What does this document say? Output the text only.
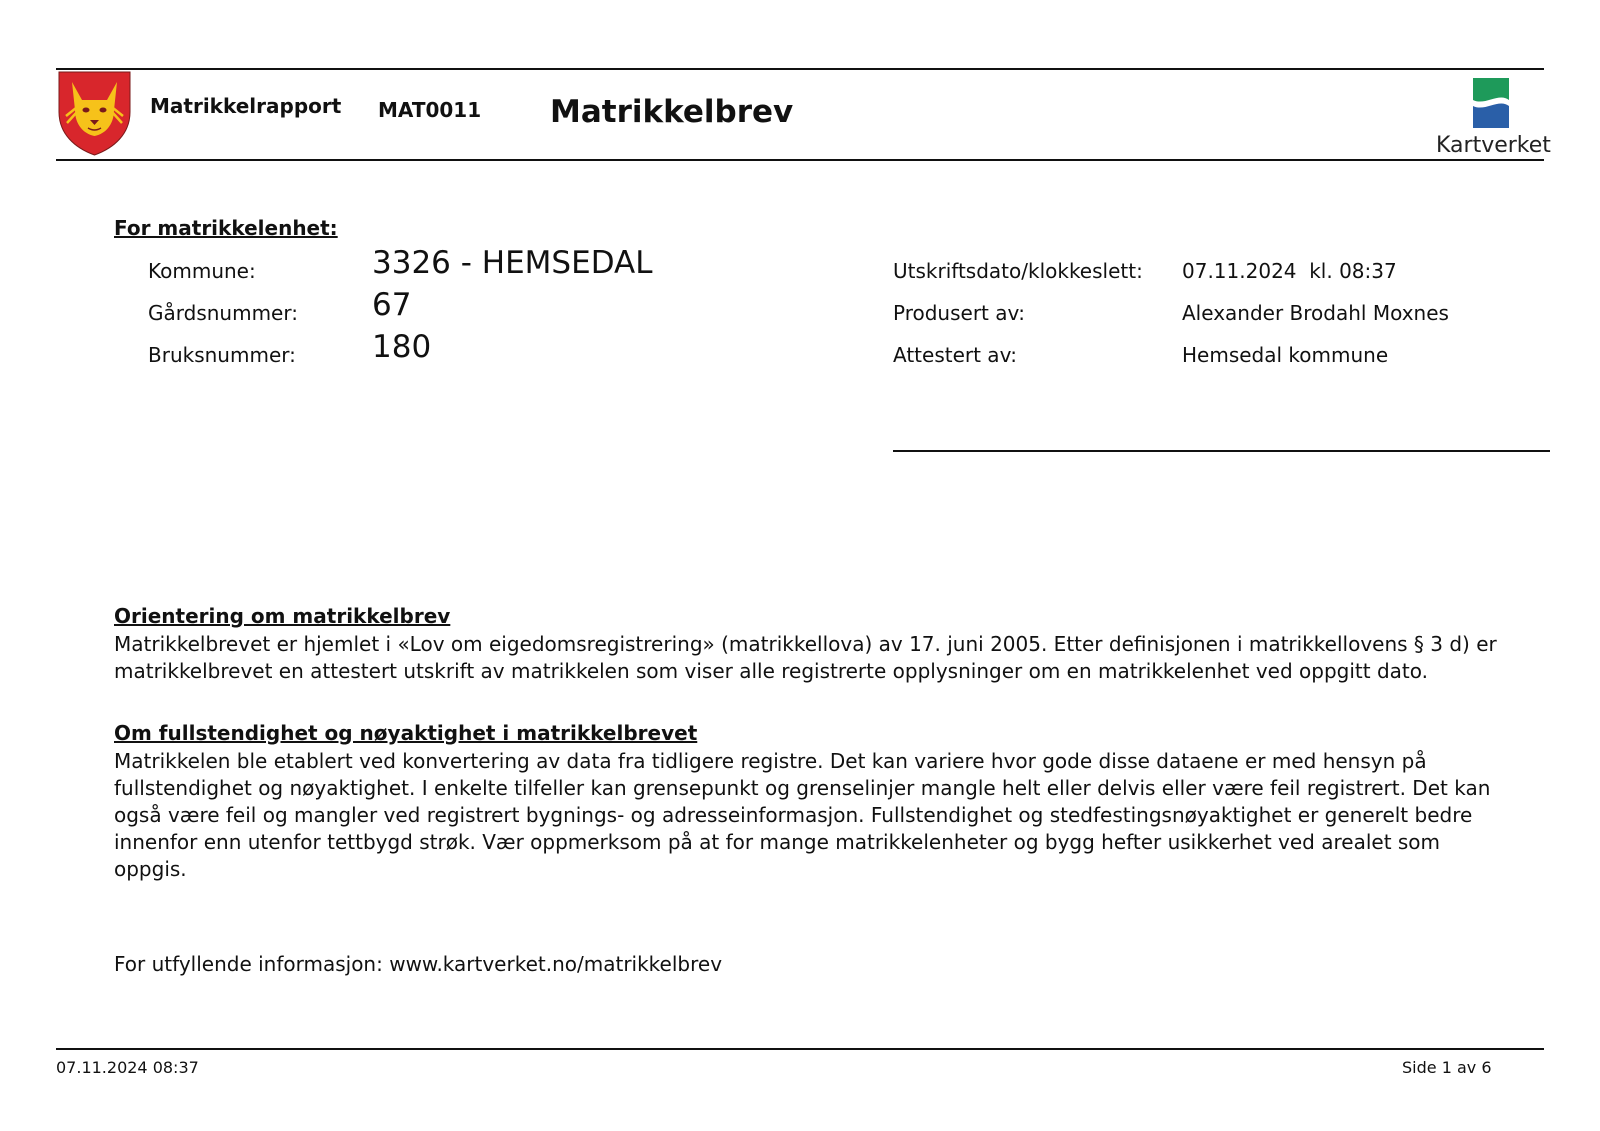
Matrikkelrapport MAT0011 Matrikkelbrev
Kartverket
For matrikkelenhet:
Kommune:	3326 - HEMSEDAL
Gårdsnummer: 67
Bruksnummer: 180
Utskriftsdato/klokkeslett: 07.11.2024  kl. 08:37
Produsert av:	Alexander Brodahl Moxnes
Attestert av:	Hemsedal kommune
Orientering om matrikkelbrev
Matrikkelbrevet er hjemlet i «Lov om eigedomsregistrering» (matrikkellova) av 17. juni 2005. Etter definisjonen i matrikkellovens § 3 d) er matrikkelbrevet en attestert utskrift av matrikkelen som viser alle registrerte opplysninger om en matrikkelenhet ved oppgitt dato.
Om fullstendighet og nøyaktighet i matrikkelbrevet
Matrikkelen ble etablert ved konvertering av data fra tidligere registre. Det kan variere hvor gode disse dataene er med hensyn på fullstendighet og nøyaktighet. I enkelte tilfeller kan grensepunkt og grenselinjer mangle helt eller delvis eller være feil registrert. Det kan også være feil og mangler ved registrert bygnings- og adresseinformasjon. Fullstendighet og stedfestingsnøyaktighet er generelt bedre innenfor enn utenfor tettbygd strøk. Vær oppmerksom på at for mange matrikkelenheter og bygg hefter usikkerhet ved arealet som oppgis.
For utfyllende informasjon: www.kartverket.no/matrikkelbrev
07.11.2024 08:37	Side 1 av 6
